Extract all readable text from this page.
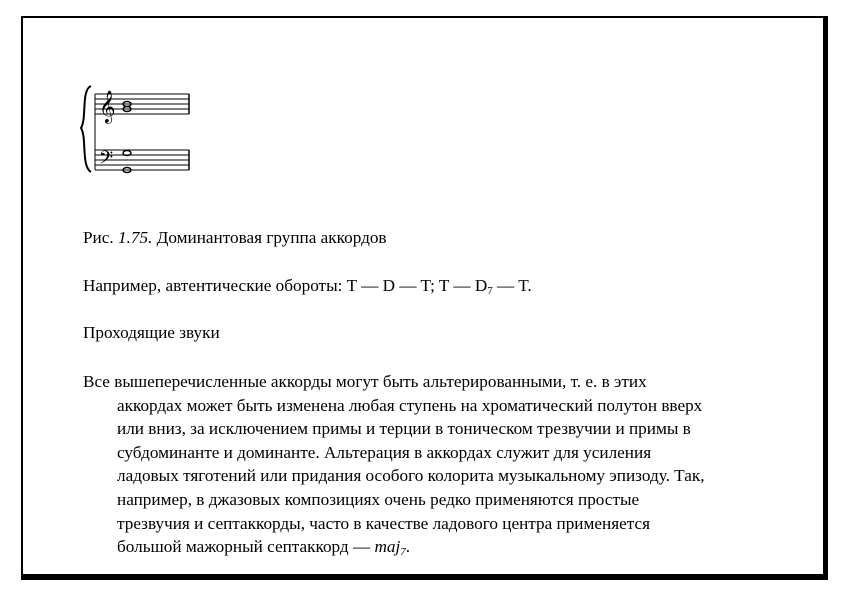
𝄞
𝄢
Рис. 1.75. Доминантовая группа аккордов
Например, автентические обороты: T — D — T; T — $D_7$ — T.
Проходящие звуки
Все вышеперечисленные аккорды могут быть альтерированными, т. е. в этих
аккордах может быть изменена любая ступень на хроматический полутон вверх
или вниз, за исключением примы и терции в тоническом трезвучии и примы в
субдоминанте и доминанте. Альтерация в аккордах служит для усиления
ладовых тяготений или придания особого колорита музыкальному эпизоду. Так,
например, в джазовых композициях очень редко применяются простые
трезвучия и септаккорды, часто в качестве ладового центра применяется
большой мажорный септаккорд — maj$_7$.
